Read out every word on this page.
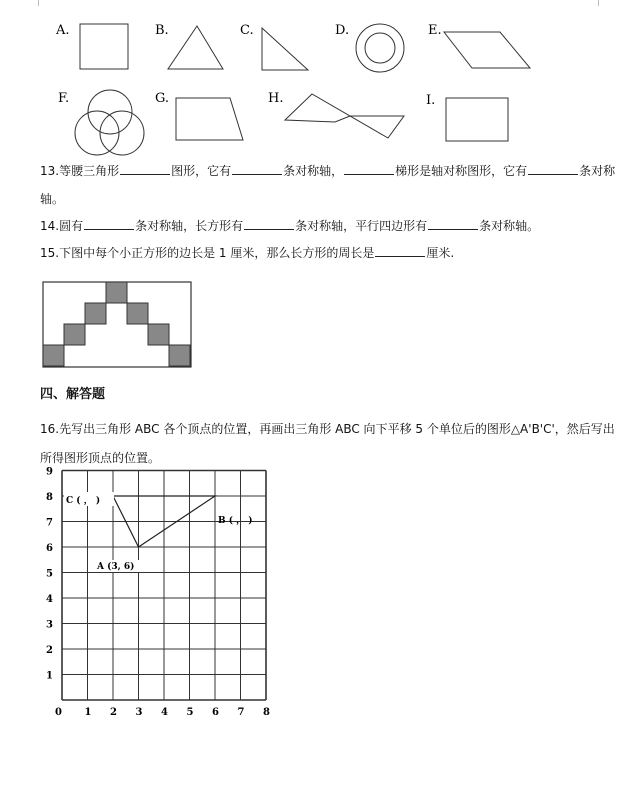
A.	B.	C.	D.
F.	G.	H.
E.
I.
13.等腰三角形	图形，它有	条对称轴，	梯形是轴对称图形，它有	条对称
轴。
14.圆有	条对称轴，长方形有	条对称轴，平行四边形有	条对称轴。
15.下图中每个小正方形的边长是 1 厘米，那么长方形的周长是	厘米.
四、解答题
16.先写出三角形 ABC 各个顶点的位置，再画出三角形 ABC 向下平移 5 个单位后的图形△A'B'C'，然后写出
所得图形顶点的位置。
0 1 2 3 4 5 6 7 8
1
2
3
4
5
6
7
8
9
C ( ， )
B ( ， )
A (3, 6)
